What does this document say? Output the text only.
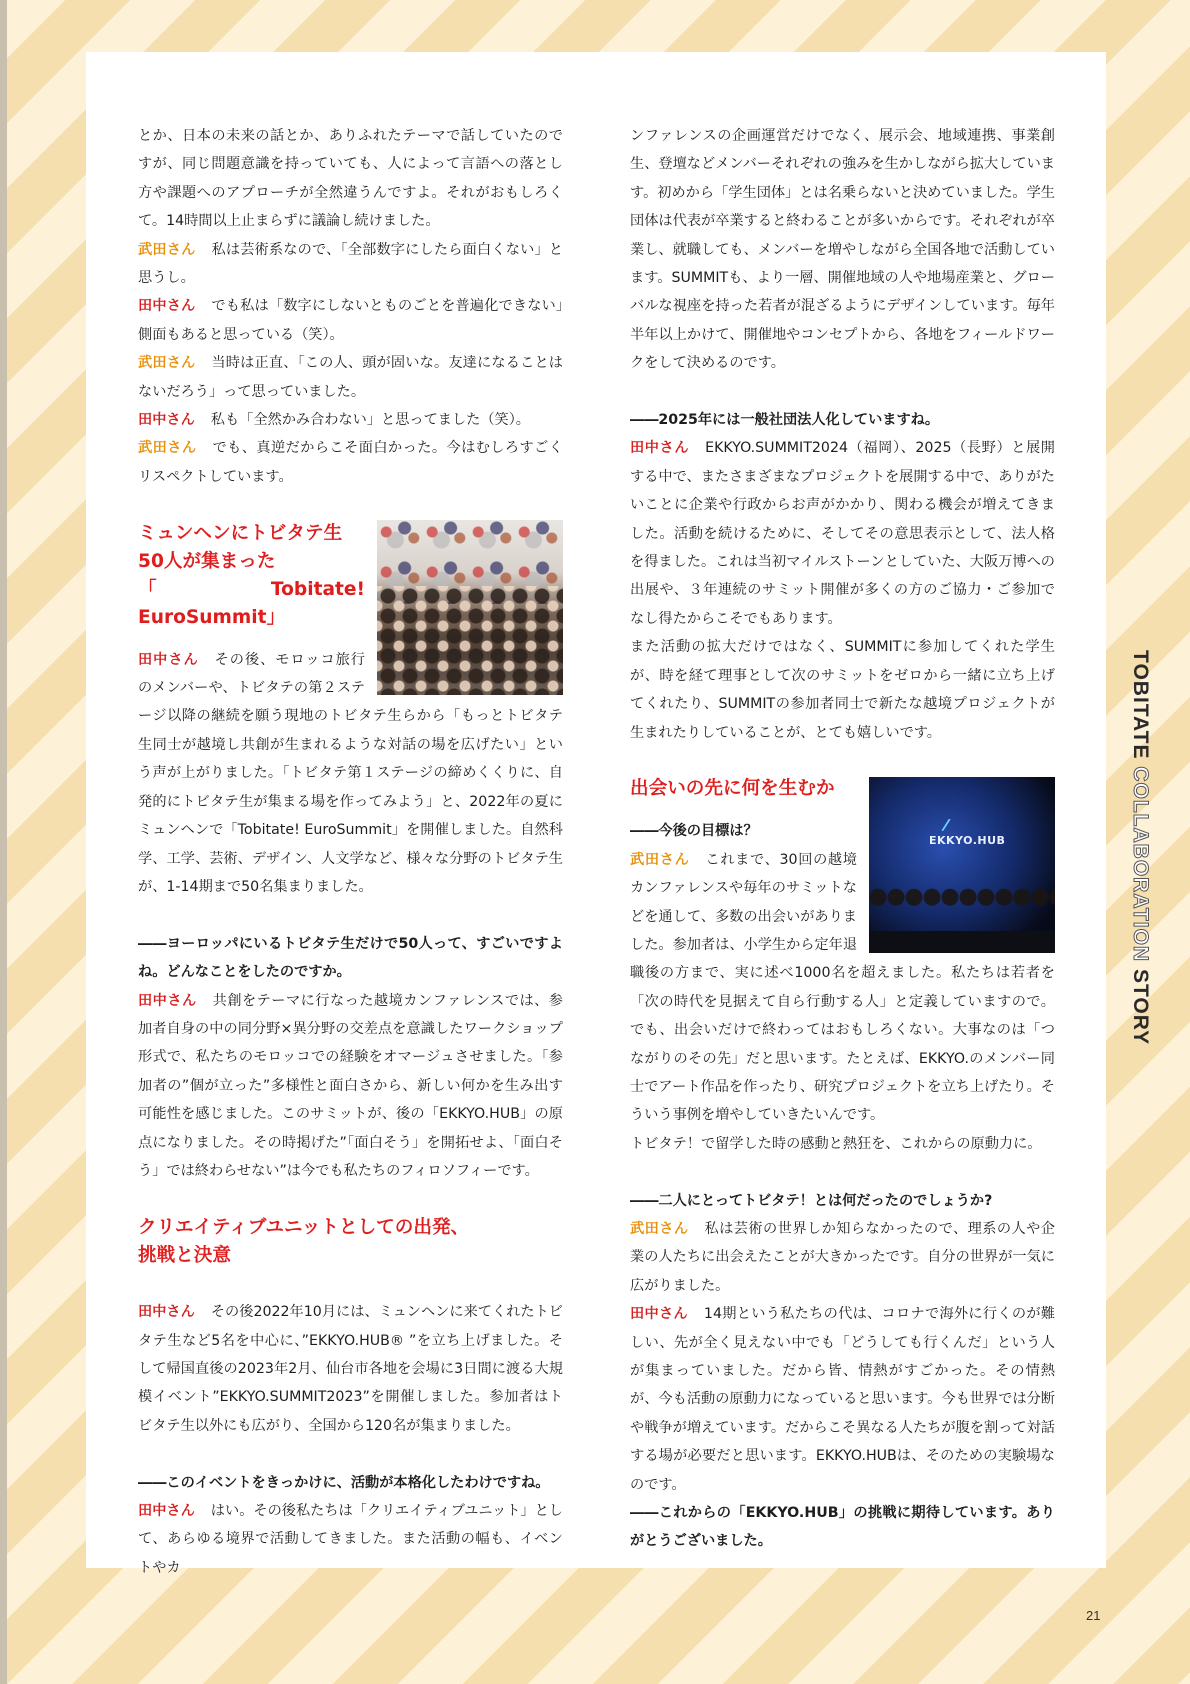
とか、日本の未来の話とか、ありふれたテーマで話していたのですが、同じ問題意識を持っていても、人によって言語への落とし方や課題へのアプローチが全然違うんですよ。それがおもしろくて。14時間以上止まらずに議論し続けました。

武田さん 私は芸術系なので、「全部数字にしたら面白くない」と思うし。

田中さん でも私は「数字にしないとものごとを普遍化できない」側面もあると思っている（笑）。

武田さん 当時は正直、「この人、頭が固いな。友達になることはないだろう」って思っていました。

田中さん 私も「全然かみ合わない」と思ってました（笑）。

武田さん でも、真逆だからこそ面白かった。今はむしろすごくリスペクトしています。

ミュンヘンにトビタテ生
50人が集まった
「Tobitate! EuroSummit」

田中さん その後、モロッコ旅行のメンバーや、トビタテの第２ステージ以降の継続を願う現地のトビタテ生らから「もっとトビタテ生同士が越境し共創が生まれるような対話の場を広げたい」という声が上がりました。「トビタテ第１ステージの締めくくりに、自発的にトビタテ生が集まる場を作ってみよう」と、2022年の夏にミュンヘンで「Tobitate! EuroSummit」を開催しました。自然科学、工学、芸術、デザイン、人文学など、様々な分野のトビタテ生が、1-14期まで50名集まりました。

――ヨーロッパにいるトビタテ生だけで50人って、すごいですよね。どんなことをしたのですか。

田中さん 共創をテーマに行なった越境カンファレンスでは、参加者自身の中の同分野×異分野の交差点を意識したワークショップ形式で、私たちのモロッコでの経験をオマージュさせました。「参加者の”個が立った”多様性と面白さから、新しい何かを生み出す可能性を感じました。このサミットが、後の「EKKYO.HUB」の原点になりました。その時掲げた”「面白そう」を開拓せよ、「面白そう」では終わらせない”は今でも私たちのフィロソフィーです。

クリエイティブユニットとしての出発、
挑戦と決意

田中さん その後2022年10月には、ミュンヘンに来てくれたトビタテ生など5名を中心に、”EKKYO.HUB® ”を立ち上げました。そして帰国直後の2023年2月、仙台市各地を会場に3日間に渡る大規模イベント”EKKYO.SUMMIT2023”を開催しました。参加者はトビタテ生以外にも広がり、全国から120名が集まりました。

――このイベントをきっかけに、活動が本格化したわけですね。

田中さん はい。その後私たちは「クリエイティブユニット」として、あらゆる境界で活動してきました。また活動の幅も、イベントやカ

ンファレンスの企画運営だけでなく、展示会、地域連携、事業創生、登壇などメンバーそれぞれの強みを生かしながら拡大しています。初めから「学生団体」とは名乗らないと決めていました。学生団体は代表が卒業すると終わることが多いからです。それぞれが卒業し、就職しても、メンバーを増やしながら全国各地で活動しています。SUMMITも、より一層、開催地域の人や地場産業と、グローバルな視座を持った若者が混ざるようにデザインしています。毎年半年以上かけて、開催地やコンセプトから、各地をフィールドワークをして決めるのです。

――2025年には一般社団法人化していますね。

田中さん EKKYO.SUMMIT2024（福岡）、2025（長野）と展開する中で、またさまざまなプロジェクトを展開する中で、ありがたいことに企業や行政からお声がかかり、関わる機会が増えてきました。活動を続けるために、そしてその意思表示として、法人格を得ました。これは当初マイルストーンとしていた、大阪万博への出展や、３年連続のサミット開催が多くの方のご協力・ご参加でなし得たからこそでもあります。

また活動の拡大だけではなく、SUMMITに参加してくれた学生が、時を経て理事として次のサミットをゼロから一緒に立ち上げてくれたり、SUMMITの参加者同士で新たな越境プロジェクトが生まれたりしていることが、とても嬉しいです。

/
EKKYO.HUB
出会いの先に何を生むか

――今後の目標は？

武田さん これまで、30回の越境カンファレンスや毎年のサミットなどを通して、多数の出会いがありました。参加者は、小学生から定年退職後の方まで、実に述べ1000名を超えました。私たちは若者を「次の時代を見据えて自ら行動する人」と定義していますので。でも、出会いだけで終わってはおもしろくない。大事なのは「つながりのその先」だと思います。たとえば、EKKYO.のメンバー同士でアート作品を作ったり、研究プロジェクトを立ち上げたり。そういう事例を増やしていきたいんです。

トビタテ！で留学した時の感動と熱狂を、これからの原動力に。

――二人にとってトビタテ！とは何だったのでしょうか?

武田さん 私は芸術の世界しか知らなかったので、理系の人や企業の人たちに出会えたことが大きかったです。自分の世界が一気に広がりました。

田中さん 14期という私たちの代は、コロナで海外に行くのが難しい、先が全く見えない中でも「どうしても行くんだ」という人が集まっていました。だから皆、情熱がすごかった。その情熱が、今も活動の原動力になっていると思います。今も世界では分断や戦争が増えています。だからこそ異なる人たちが腹を割って対話する場が必要だと思います。EKKYO.HUBは、そのための実験場なのです。

――これからの「EKKYO.HUB」の挑戦に期待しています。ありがとうございました。

TOBITATE COLLABORATION STORY
21
